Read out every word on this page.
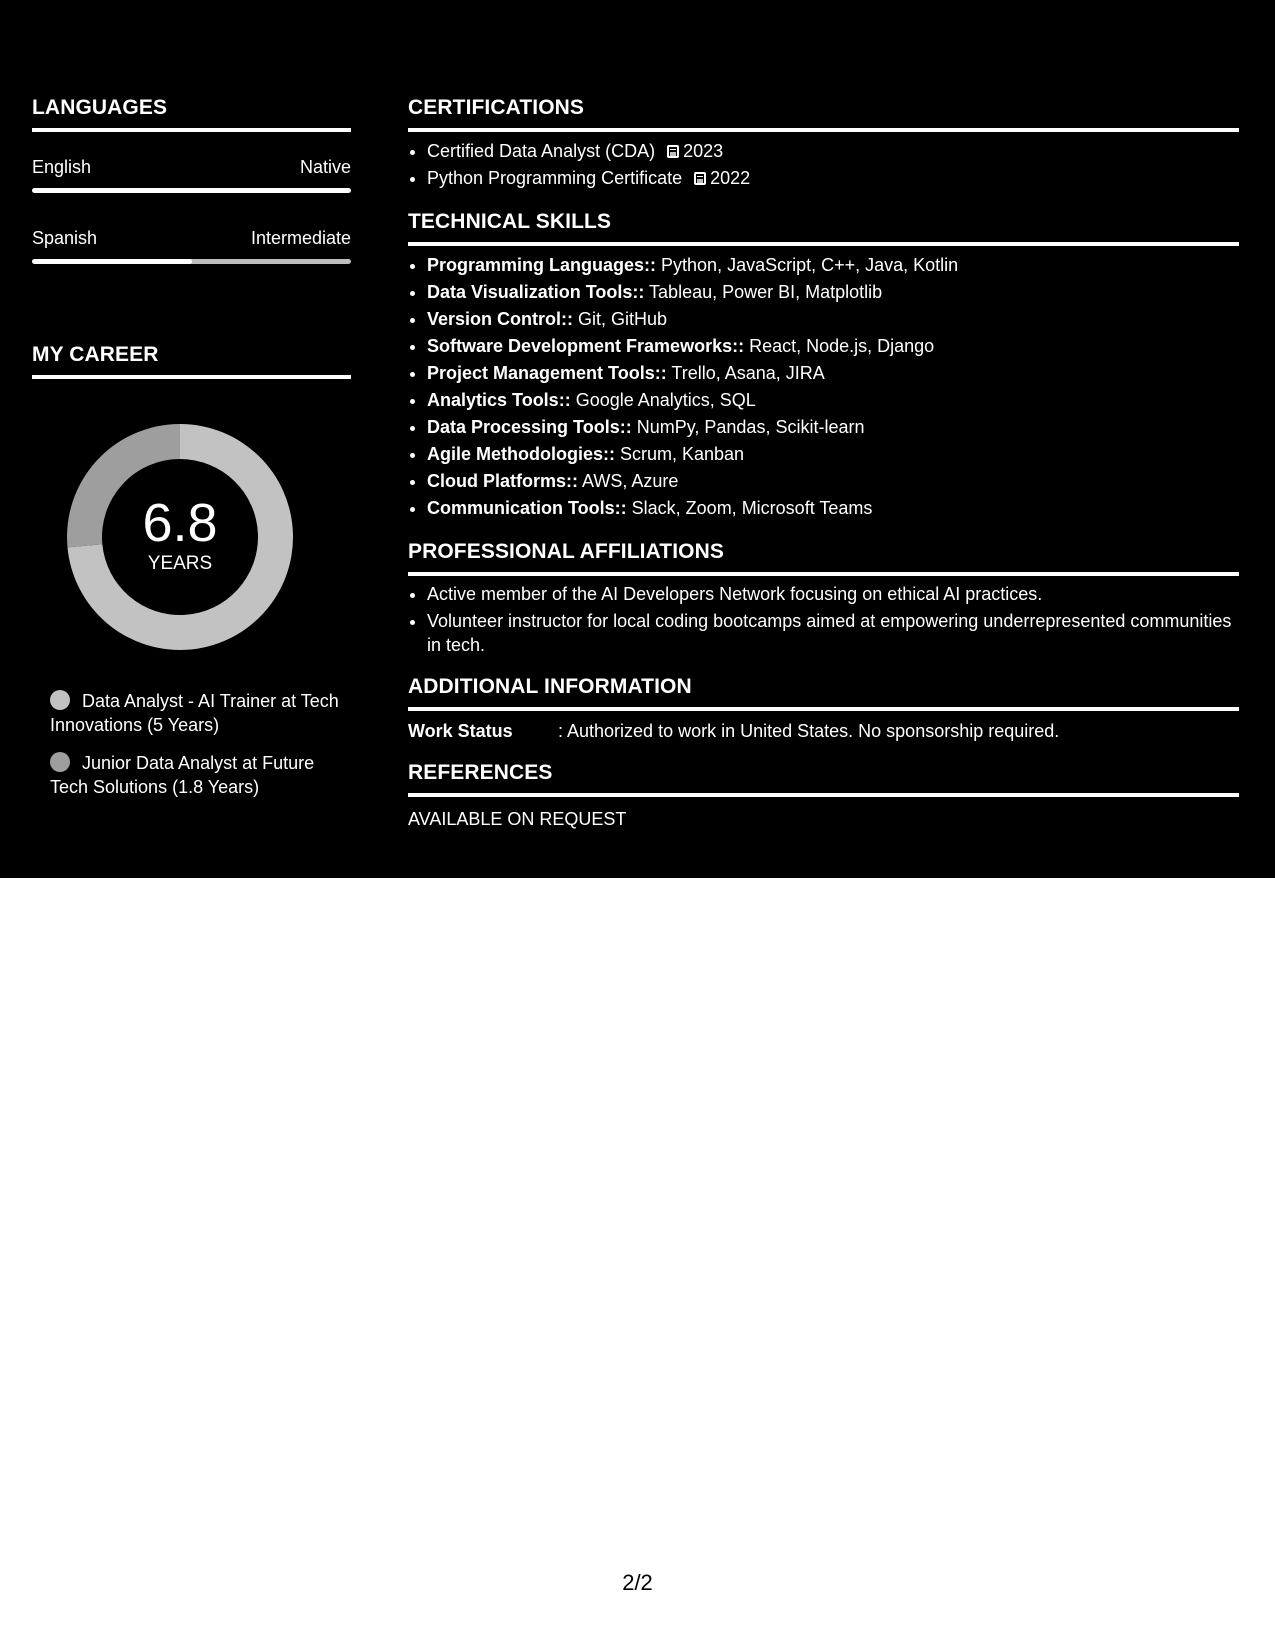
LANGUAGES
English	Native
Spanish	Intermediate
MY CAREER
6.8
YEARS
Data Analyst - AI Trainer at Tech Innovations (5 Years)
Junior Data Analyst at Future Tech Solutions (1.8 Years)
CERTIFICATIONS
• Certified Data Analyst (CDA) 2023
• Python Programming Certificate 2022
TECHNICAL SKILLS
• Programming Languages:: Python, JavaScript, C++, Java, Kotlin
• Data Visualization Tools:: Tableau, Power BI, Matplotlib
• Version Control:: Git, GitHub
• Software Development Frameworks:: React, Node.js, Django
• Project Management Tools:: Trello, Asana, JIRA
• Analytics Tools:: Google Analytics, SQL
• Data Processing Tools:: NumPy, Pandas, Scikit-learn
• Agile Methodologies:: Scrum, Kanban
• Cloud Platforms:: AWS, Azure
• Communication Tools:: Slack, Zoom, Microsoft Teams
PROFESSIONAL AFFILIATIONS
• Active member of the AI Developers Network focusing on ethical AI practices.
• Volunteer instructor for local coding bootcamps aimed at empowering underrepresented communities in tech.
ADDITIONAL INFORMATION
Work Status	: Authorized to work in United States. No sponsorship required.
REFERENCES
AVAILABLE ON REQUEST
2/2
